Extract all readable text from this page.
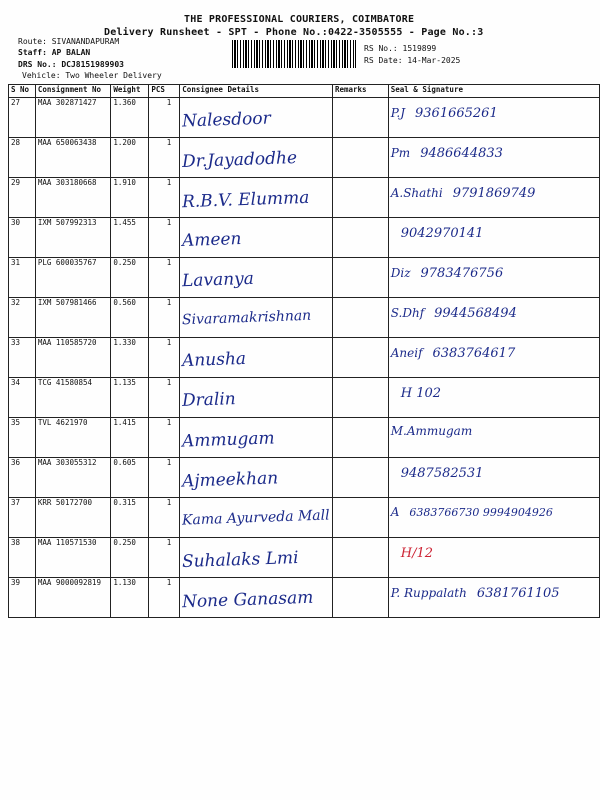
THE PROFESSIONAL COURIERS, COIMBATORE
Delivery Runsheet - SPT - Phone No.:0422-3505555 - Page No.:3
Route: SIVANANDAPURAM
Staff: AP BALAN
DRS No.: DCJ8151989903
Vehicle: Two Wheeler Delivery
RS No.: 1519899
RS Date: 14-Mar-2025
S No	Consignment No	Weight	PCS	Consignee Details	Remarks	Seal & Signature
27	MAA 302871427	1.360	1	Nalesdoor		P.J 9361665261
28	MAA 650063438	1.200	1	Dr.Jayadodhe		Pm 9486644833
29	MAA 303180668	1.910	1	R.B.V. Elumma		A.Shathi 9791869749
30	IXM 507992313	1.455	1	Ameen		9042970141
31	PLG 600035767	0.250	1	Lavanya		Diz 9783476756
32	IXM 507981466	0.560	1	Sivaramakrishnan		S.Dhf 9944568494
33	MAA 110585720	1.330	1	Anusha		Aneif 6383764617
34	TCG 41580854	1.135	1	Dralin		H 102
35	TVL 4621970	1.415	1	Ammugam		M.Ammugam
36	MAA 303055312	0.605	1	Ajmeekhan		9487582531
37	KRR 50172700	0.315	1	Kama Ayurveda Mall		A 6383766730 9994904926
38	MAA 110571530	0.250	1	Suhalaks Lmi		H/12
39	MAA 9000092819	1.130	1	None Ganasam		P. Ruppalath 6381761105
